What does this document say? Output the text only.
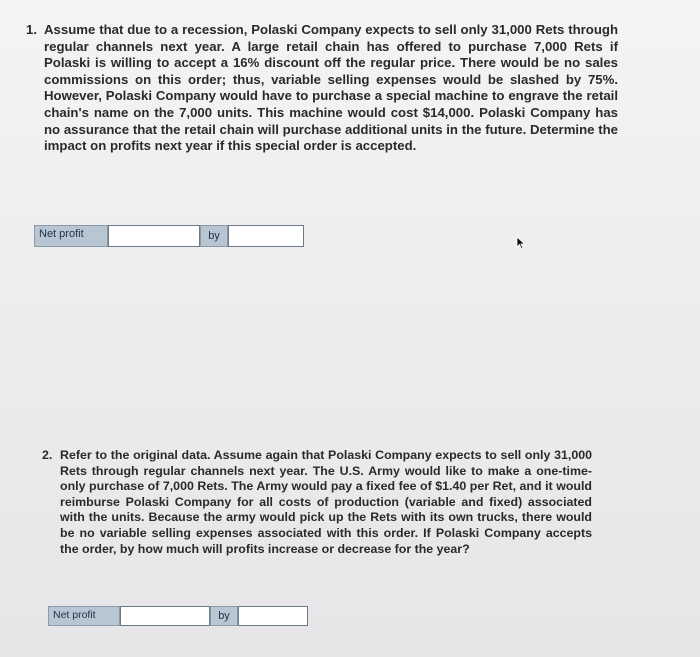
1. Assume that due to a recession, Polaski Company expects to sell only 31,000 Rets through regular channels next year. A large retail chain has offered to purchase 7,000 Rets if Polaski is willing to accept a 16% discount off the regular price. There would be no sales commissions on this order; thus, variable selling expenses would be slashed by 75%. However, Polaski Company would have to purchase a special machine to engrave the retail chain's name on the 7,000 units. This machine would cost $14,000. Polaski Company has no assurance that the retail chain will purchase additional units in the future. Determine the impact on profits next year if this special order is accepted.
Net profit	by
2. Refer to the original data. Assume again that Polaski Company expects to sell only 31,000 Rets through regular channels next year. The U.S. Army would like to make a one-time-only purchase of 7,000 Rets. The Army would pay a fixed fee of $1.40 per Ret, and it would reimburse Polaski Company for all costs of production (variable and fixed) associated with the units. Because the army would pick up the Rets with its own trucks, there would be no variable selling expenses associated with this order. If Polaski Company accepts the order, by how much will profits increase or decrease for the year?
Net profit	by
